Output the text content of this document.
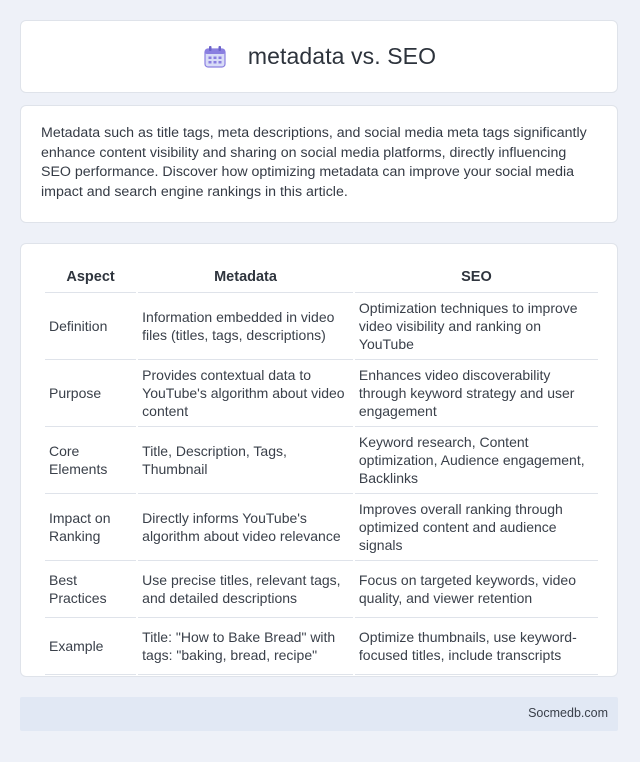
metadata vs. SEO

Metadata such as title tags, meta descriptions, and social media meta tags significantly enhance content visibility and sharing on social media platforms, directly influencing SEO performance. Discover how optimizing metadata can improve your social media impact and search engine rankings in this article.

Aspect	Metadata	SEO
Definition	Information embedded in video files (titles, tags, descriptions)	Optimization techniques to improve video visibility and ranking on YouTube
Purpose	Provides contextual data to YouTube's algorithm about video content	Enhances video discoverability through keyword strategy and user engagement
Core Elements	Title, Description, Tags, Thumbnail	Keyword research, Content optimization, Audience engagement, Backlinks
Impact on Ranking	Directly informs YouTube's algorithm about video relevance	Improves overall ranking through optimized content and audience signals
Best Practices	Use precise titles, relevant tags, and detailed descriptions	Focus on targeted keywords, video quality, and viewer retention
Example	Title: "How to Bake Bread" with tags: "baking, bread, recipe"	Optimize thumbnails, use keyword-focused titles, include transcripts
Socmedb.com
